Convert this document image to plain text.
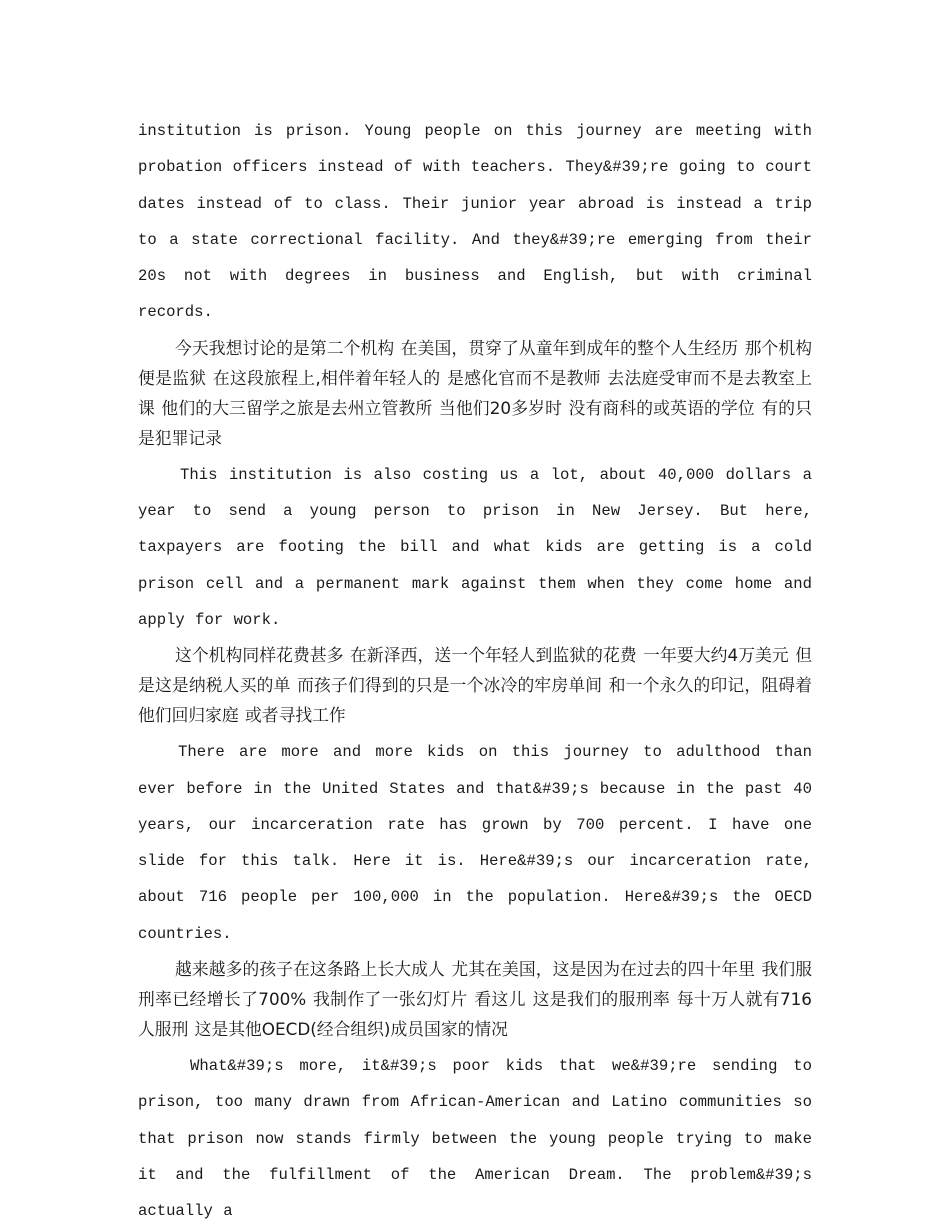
institution is prison. Young people on this journey are meeting with probation officers instead of with teachers. They&#39;re going to court dates instead of to class. Their junior year abroad is instead a trip to a state correctional facility. And they&#39;re emerging from their 20s not with degrees in business and English, but with criminal records.

今天我想讨论的是第二个机构 在美国，贯穿了从童年到成年的整个人生经历 那个机构便是监狱 在这段旅程上,相伴着年轻人的 是感化官而不是教师 去法庭受审而不是去教室上课 他们的大三留学之旅是去州立管教所 当他们20多岁时 没有商科的或英语的学位 有的只是犯罪记录

This institution is also costing us a lot, about 40,000 dollars a year to send a young person to prison in New Jersey. But here, taxpayers are footing the bill and what kids are getting is a cold prison cell and a permanent mark against them when they come home and apply for work.

这个机构同样花费甚多 在新泽西，送一个年轻人到监狱的花费 一年要大约4万美元 但是这是纳税人买的单 而孩子们得到的只是一个冰冷的牢房单间 和一个永久的印记，阻碍着他们回归家庭 或者寻找工作

There are more and more kids on this journey to adulthood than ever before in the United States and that&#39;s because in the past 40 years, our incarceration rate has grown by 700 percent. I have one slide for this talk. Here it is. Here&#39;s our incarceration rate, about 716 people per 100,000 in the population. Here&#39;s the OECD countries.

越来越多的孩子在这条路上长大成人 尤其在美国，这是因为在过去的四十年里 我们服刑率已经增长了700% 我制作了一张幻灯片 看这儿 这是我们的服刑率 每十万人就有716人服刑 这是其他OECD(经合组织)成员国家的情况

What&#39;s more, it&#39;s poor kids that we&#39;re sending to prison, too many drawn from African-American and Latino communities so that prison now stands firmly between the young people trying to make it and the fulfillment of the American Dream. The problem&#39;s actually a
